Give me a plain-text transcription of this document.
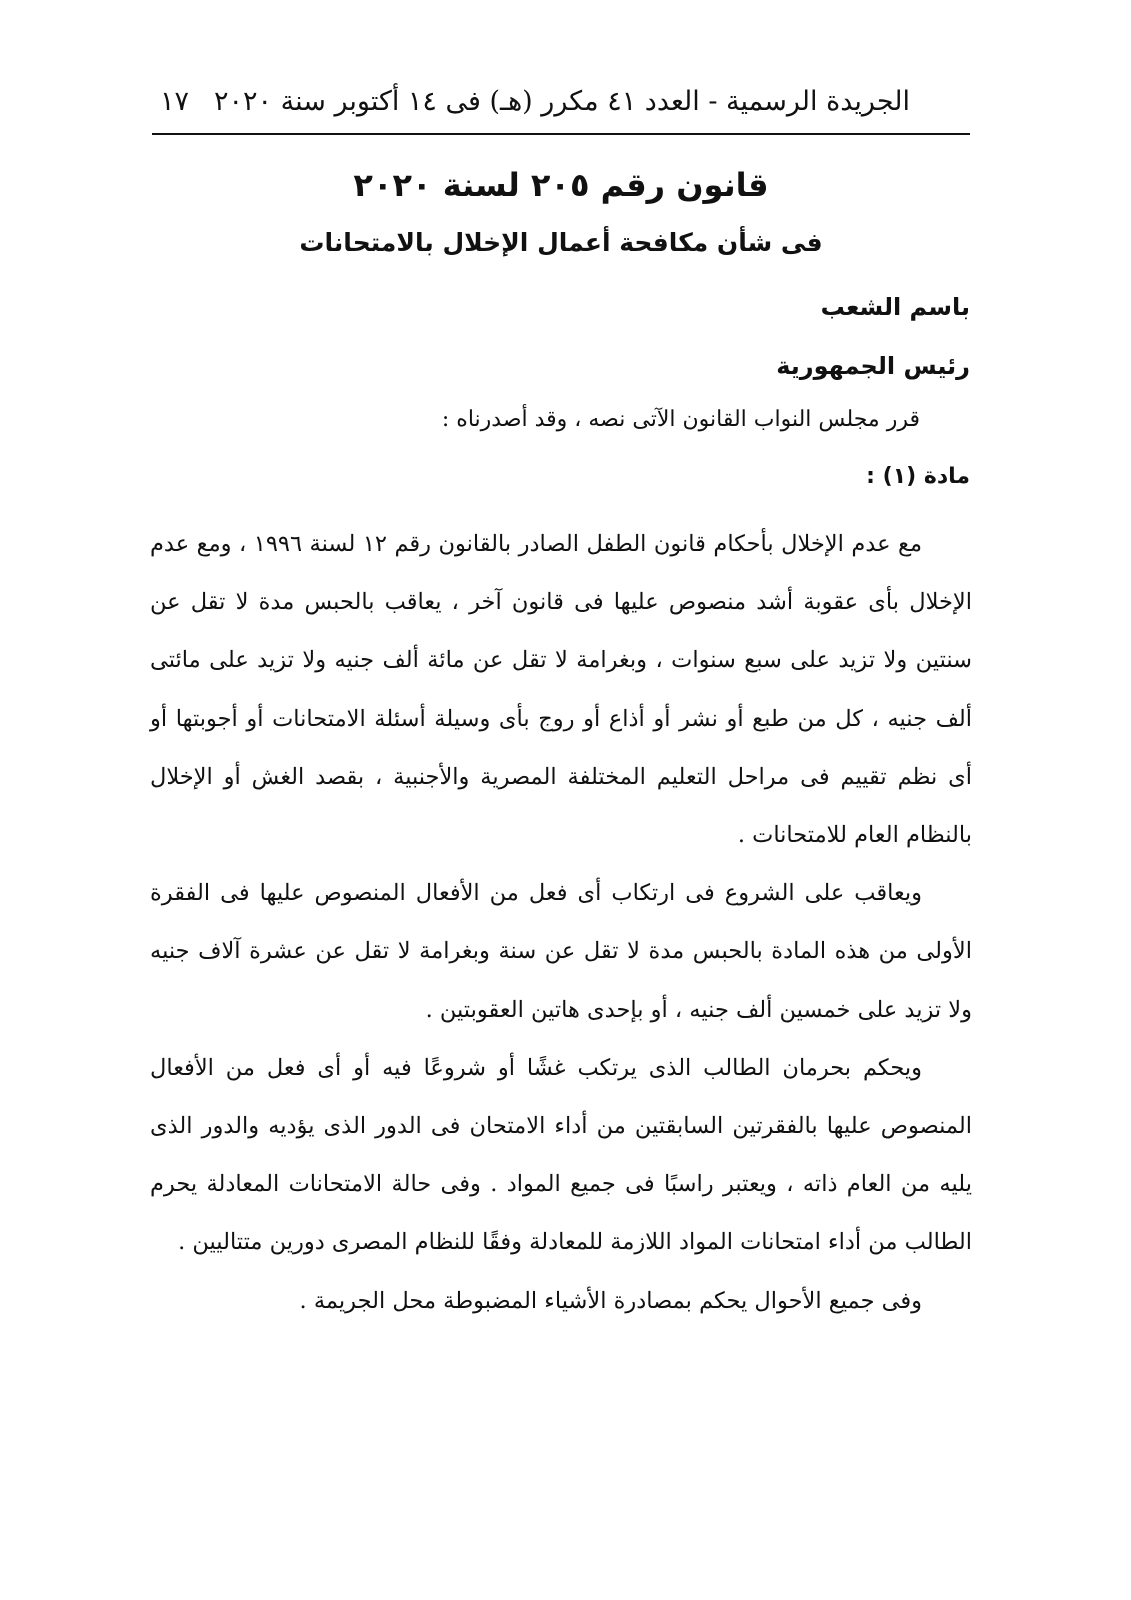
الجريدة الرسمية - العدد ٤١ مكرر (هـ) فى ١٤ أكتوبر سنة ٢٠٢٠
١٧
قانون رقم ٢٠٥ لسنة ٢٠٢٠
فى شأن مكافحة أعمال الإخلال بالامتحانات
باسم الشعب
رئيس الجمهورية
قرر مجلس النواب القانون الآتى نصه ، وقد أصدرناه :
مادة (١) :

مع عدم الإخلال بأحكام قانون الطفل الصادر بالقانون رقم ١٢ لسنة ١٩٩٦ ، ومع عدم الإخلال بأى عقوبة أشد منصوص عليها فى قانون آخر ، يعاقب بالحبس مدة لا تقل عن سنتين ولا تزيد على سبع سنوات ، وبغرامة لا تقل عن مائة ألف جنيه ولا تزيد على مائتى ألف جنيه ، كل من طبع أو نشر أو أذاع أو روج بأى وسيلة أسئلة الامتحانات أو أجوبتها أو أى نظم تقييم فى مراحل التعليم المختلفة المصرية والأجنبية ، بقصد الغش أو الإخلال بالنظام العام للامتحانات .

ويعاقب على الشروع فى ارتكاب أى فعل من الأفعال المنصوص عليها فى الفقرة الأولى من هذه المادة بالحبس مدة لا تقل عن سنة وبغرامة لا تقل عن عشرة آلاف جنيه ولا تزيد على خمسين ألف جنيه ، أو بإحدى هاتين العقوبتين .

ويحكم بحرمان الطالب الذى يرتكب غشًا أو شروعًا فيه أو أى فعل من الأفعال المنصوص عليها بالفقرتين السابقتين من أداء الامتحان فى الدور الذى يؤديه والدور الذى يليه من العام ذاته ، ويعتبر راسبًا فى جميع المواد . وفى حالة الامتحانات المعادلة يحرم الطالب من أداء امتحانات المواد اللازمة للمعادلة وفقًا للنظام المصرى دورين متتاليين .

وفى جميع الأحوال يحكم بمصادرة الأشياء المضبوطة محل الجريمة .
